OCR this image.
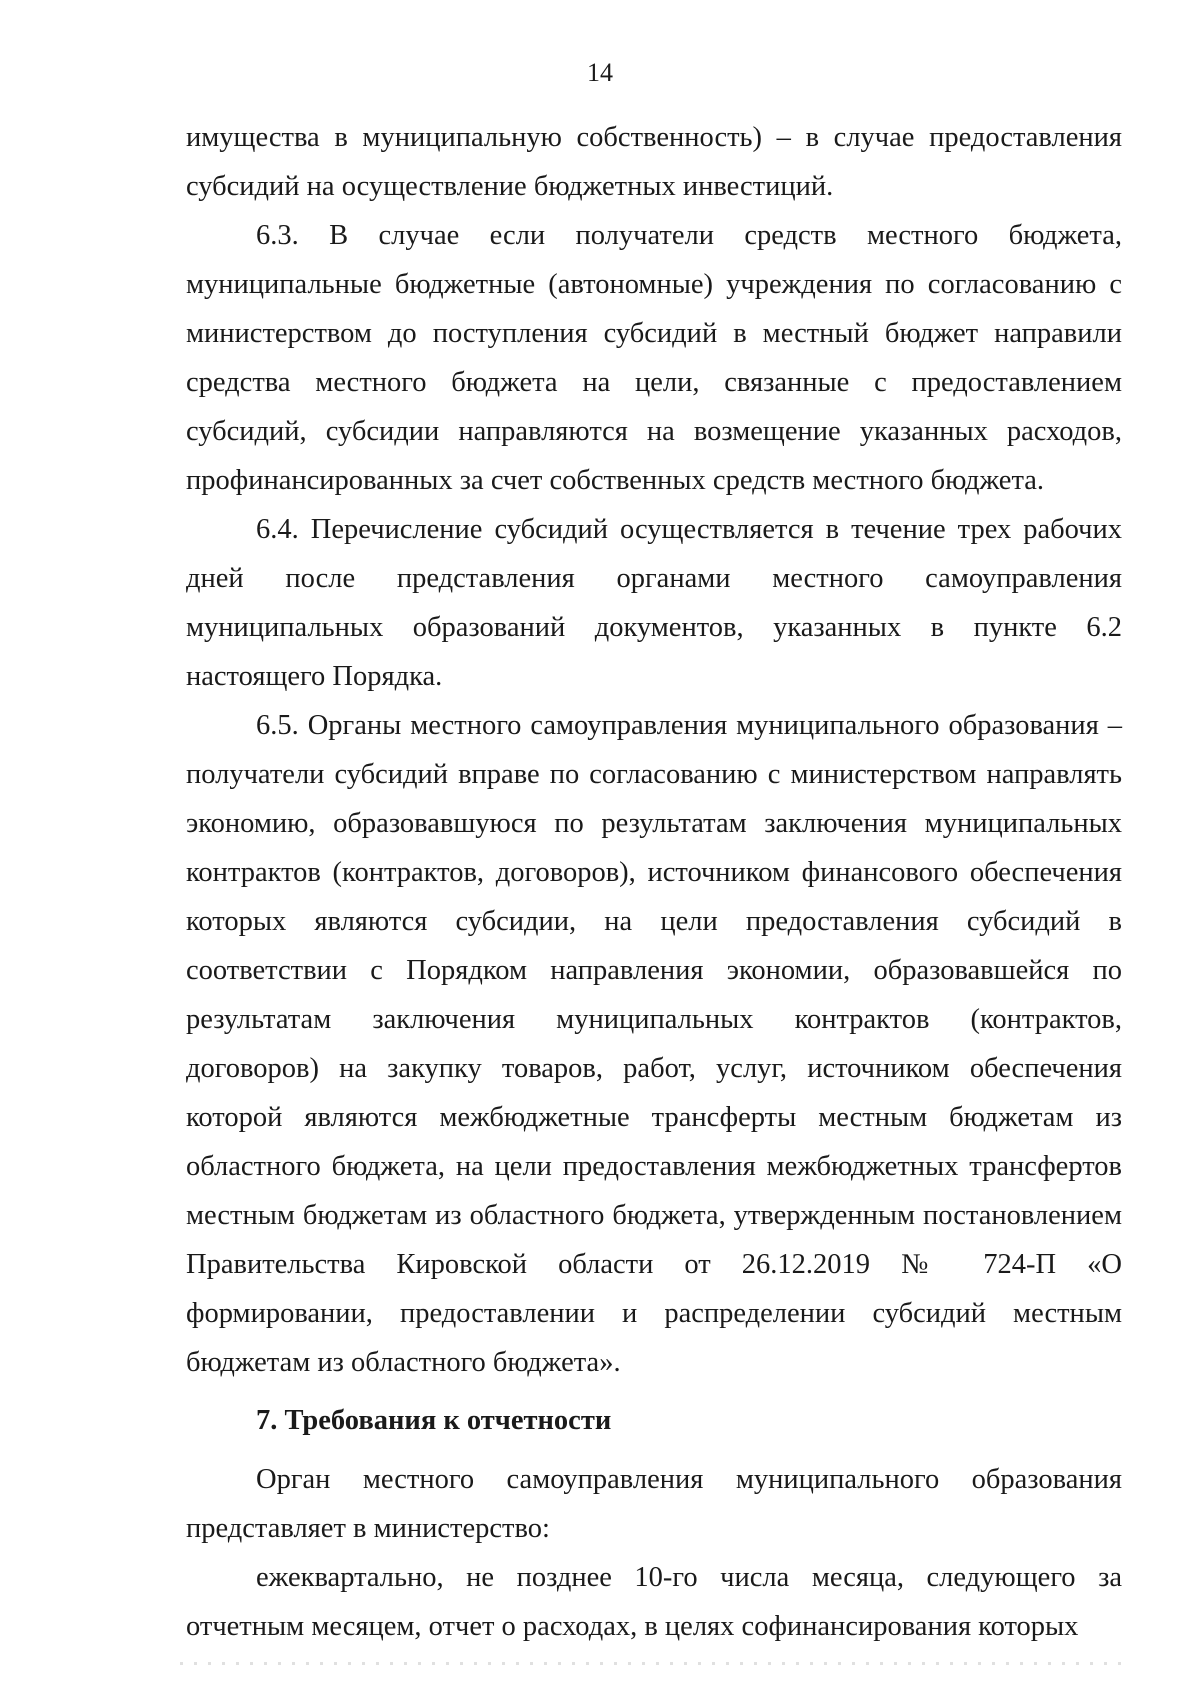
14

имущества в муниципальную собственность) – в случае предоставления субсидий на осуществление бюджетных инвестиций.

6.3. В случае если получатели средств местного бюджета, муниципальные бюджетные (автономные) учреждения по согласованию с министерством до поступления субсидий в местный бюджет направили средства местного бюджета на цели, связанные с предоставлением субсидий, субсидии направляются на возмещение указанных расходов, профинансированных за счет собственных средств местного бюджета.

6.4. Перечисление субсидий осуществляется в течение трех рабочих дней после представления органами местного самоуправления муниципальных образований документов, указанных в пункте 6.2 настоящего Порядка.

6.5. Органы местного самоуправления муниципального образования – получатели субсидий вправе по согласованию с министерством направлять экономию, образовавшуюся по результатам заключения муниципальных контрактов (контрактов, договоров), источником финансового обеспечения которых являются субсидии, на цели предоставления субсидий в соответствии с Порядком направления экономии, образовавшейся по результатам заключения муниципальных контрактов (контрактов, договоров) на закупку товаров, работ, услуг, источником обеспечения которой являются межбюджетные трансферты местным бюджетам из областного бюджета, на цели предоставления межбюджетных трансфертов местным бюджетам из областного бюджета, утвержденным постановлением Правительства Кировской области от 26.12.2019 № 724-П «О формировании, предоставлении и распределении субсидий местным бюджетам из областного бюджета».

7. Требования к отчетности

Орган местного самоуправления муниципального образования представляет в министерство:

ежеквартально, не позднее 10-го числа месяца, следующего за отчетным месяцем, отчет о расходах, в целях софинансирования которых
